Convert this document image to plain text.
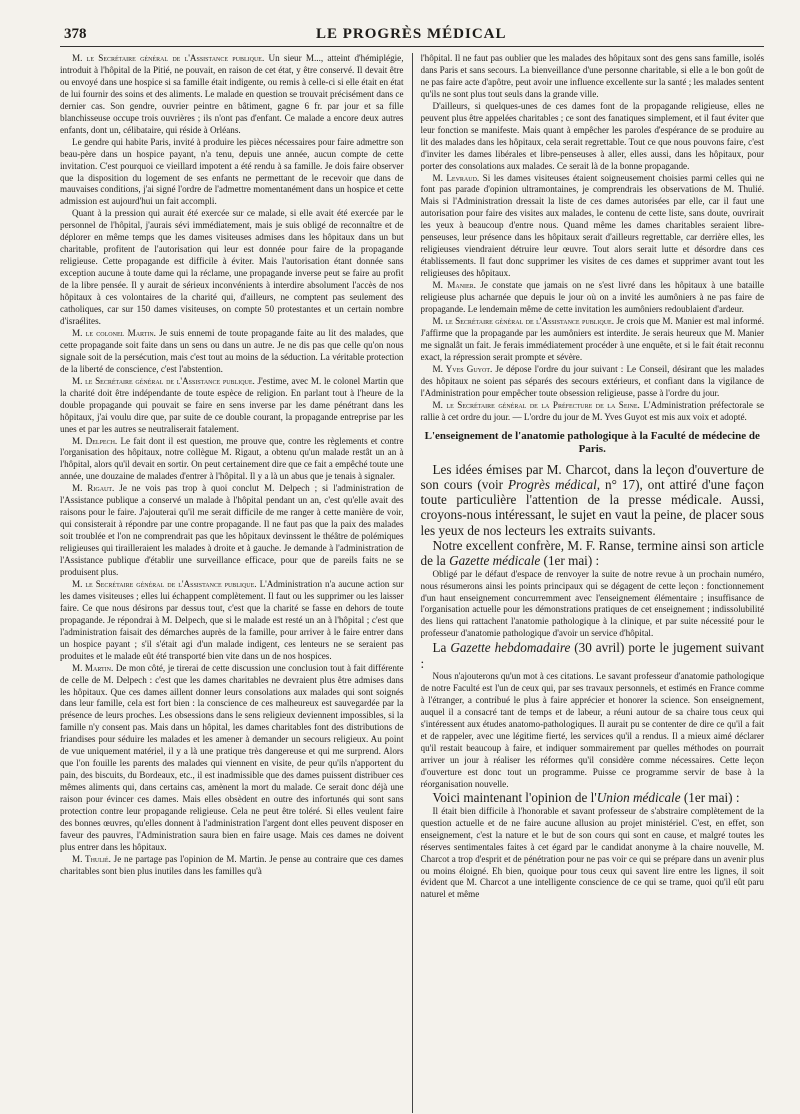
378	LE PROGRÈS MÉDICAL

M. le Secrétaire général de l'Assistance publique. Un sieur M..., atteint d'hémiplégie, introduit à l'hôpital de la Pitié, ne pouvait, en raison de cet état, y être conservé. Il devait être ou envoyé dans une hospice si sa famille était indigente, ou remis à celle-ci si elle était en état de lui fournir des soins et des aliments. Le malade en question se trouvait précisément dans ce dernier cas. Son gendre, ouvrier peintre en bâtiment, gagne 6 fr. par jour et sa fille blanchisseuse occupe trois ouvrières ; ils n'ont pas d'enfant. Ce malade a encore deux autres enfants, dont un, célibataire, qui réside à Orléans.

Le gendre qui habite Paris, invité à produire les pièces nécessaires pour faire admettre son beau-père dans un hospice payant, n'a tenu, depuis une année, aucun compte de cette invitation. C'est pourquoi ce vieillard impotent a été rendu à sa famille. Je dois faire observer que la disposition du logement de ses enfants ne permettant de le recevoir que dans de mauvaises conditions, j'ai signé l'ordre de l'admettre momentanément dans un hospice et cette admission est aujourd'hui un fait accompli.

Quant à la pression qui aurait été exercée sur ce malade, si elle avait été exercée par le personnel de l'hôpital, j'aurais sévi immédiatement, mais je suis obligé de reconnaître et de déplorer en même temps que les dames visiteuses admises dans les hôpitaux dans un but charitable, profitent de l'autorisation qui leur est donnée pour faire de la propagande religieuse. Cette propagande est difficile à éviter. Mais l'autorisation étant donnée sans exception aucune à toute dame qui la réclame, une propagande inverse peut se faire au profit de la libre pensée. Il y aurait de sérieux inconvénients à interdire absolument l'accès de nos hôpitaux à ces volontaires de la charité qui, d'ailleurs, ne comptent pas seulement des catholiques, car sur 150 dames visiteuses, on compte 50 protestantes et un certain nombre d'israélites.

M. le colonel Martin. Je suis ennemi de toute propagande faite au lit des malades, que cette propagande soit faite dans un sens ou dans un autre. Je ne dis pas que celle qu'on nous signale soit de la persécution, mais c'est tout au moins de la séduction. La véritable protection de la liberté de conscience, c'est l'abstention.

M. le Secrétaire général de l'Assistance publique. J'estime, avec M. le colonel Martin que la charité doit être indépendante de toute espèce de religion. En parlant tout à l'heure de la double propagande qui pouvait se faire en sens inverse par les dame pénétrant dans les hôpitaux, j'ai voulu dire que, par suite de ce double courant, la propagande entreprise par les unes et par les autres se neutraliserait fatalement.

M. Delpech. Le fait dont il est question, me prouve que, contre les règlements et contre l'organisation des hôpitaux, notre collègue M. Rigaut, a obtenu qu'un malade restât un an à l'hôpital, alors qu'il devait en sortir. On peut certainement dire que ce fait a empêché toute une année, une douzaine de malades d'entrer à l'hôpital. Il y a là un abus que je tenais à signaler.

M. Rigaut. Je ne vois pas trop à quoi conclut M. Delpech ; si l'administration de l'Assistance publique a conservé un malade à l'hôpital pendant un an, c'est qu'elle avait des raisons pour le faire. J'ajouterai qu'il me serait difficile de me ranger à cette manière de voir, qui consisterait à répondre par une contre propagande. Il ne faut pas que la paix des malades soit troublée et l'on ne comprendrait pas que les hôpitaux devinssent le théâtre de polémiques religieuses qui tirailleraient les malades à droite et à gauche. Je demande à l'administration de l'Assistance publique d'établir une surveillance efficace, pour que de pareils faits ne se produisent plus.

M. le Secrétaire général de l'Assistance publique. L'Administration n'a aucune action sur les dames visiteuses ; elles lui échappent complètement. Il faut ou les supprimer ou les laisser faire. Ce que nous désirons par dessus tout, c'est que la charité se fasse en dehors de toute propagande. Je répondrai à M. Delpech, que si le malade est resté un an à l'hôpital ; c'est que l'administration faisait des démarches auprès de la famille, pour arriver à le faire entrer dans un hospice payant ; s'il s'était agi d'un malade indigent, ces lenteurs ne se seraient pas produites et le malade eût été transporté bien vite dans un de nos hospices.

M. Martin. De mon côté, je tirerai de cette discussion une conclusion tout à fait différente de celle de M. Delpech : c'est que les dames charitables ne devraient plus être admises dans les hôpitaux. Que ces dames aillent donner leurs consolations aux malades qui sont soignés dans leur famille, cela est fort bien : la conscience de ces malheureux est sauvegardée par la présence de leurs proches. Les obsessions dans le sens religieux deviennent impossibles, si la famille n'y consent pas. Mais dans un hôpital, les dames charitables font des distributions de friandises pour séduire les malades et les amener à demander un secours religieux. Au point de vue uniquement matériel, il y a là une pratique très dangereuse et qui me surprend. Alors que l'on fouille les parents des malades qui viennent en visite, de peur qu'ils n'apportent du pain, des biscuits, du Bordeaux, etc., il est inadmissible que des dames puissent distribuer ces mêmes aliments qui, dans certains cas, amènent la mort du malade. Ce serait donc déjà une raison pour évincer ces dames. Mais elles obsèdent en outre des infortunés qui sont sans protection contre leur propagande religieuse. Cela ne peut être toléré. Si elles veulent faire des bonnes œuvres, qu'elles donnent à l'administration l'argent dont elles peuvent disposer en faveur des pauvres, l'Administration saura bien en faire usage. Mais ces dames ne doivent plus entrer dans les hôpitaux.

M. Thulié. Je ne partage pas l'opinion de M. Martin. Je pense au contraire que ces dames charitables sont bien plus inutiles dans les familles qu'à

l'hôpital. Il ne faut pas oublier que les malades des hôpitaux sont des gens sans famille, isolés dans Paris et sans secours. La bienveillance d'une personne charitable, si elle a le bon goût de ne pas faire acte d'apôtre, peut avoir une influence excellente sur la santé ; les malades sentent qu'ils ne sont plus tout seuls dans la grande ville.

D'ailleurs, si quelques-unes de ces dames font de la propagande religieuse, elles ne peuvent plus être appelées charitables ; ce sont des fanatiques simplement, et il faut éviter que leur fonction se manifeste. Mais quant à empêcher les paroles d'espérance de se produire au lit des malades dans les hôpitaux, cela serait regrettable. Tout ce que nous pouvons faire, c'est d'inviter les dames libérales et libre-penseuses à aller, elles aussi, dans les hôpitaux, pour porter des consolations aux malades. Ce serait là de la bonne propagande.

M. Levraud. Si les dames visiteuses étaient soigneusement choisies parmi celles qui ne font pas parade d'opinion ultramontaines, je comprendrais les observations de M. Thulié. Mais si l'Administration dressait la liste de ces dames autorisées par elle, car il faut une autorisation pour faire des visites aux malades, le contenu de cette liste, sans doute, ouvrirait les yeux à beaucoup d'entre nous. Quand même les dames charitables seraient libre-penseuses, leur présence dans les hôpitaux serait d'ailleurs regrettable, car derrière elles, les religieuses viendraient détruire leur œuvre. Tout alors serait lutte et désordre dans ces établissements. Il faut donc supprimer les visites de ces dames et supprimer avant tout les religieuses des hôpitaux.

M. Manier. Je constate que jamais on ne s'est livré dans les hôpitaux à une bataille religieuse plus acharnée que depuis le jour où on a invité les aumôniers à ne pas faire de propagande. Le lendemain même de cette invitation les aumôniers redoublaient d'ardeur.

M. le Secrétaire général de l'Assistance publique. Je crois que M. Manier est mal informé. J'affirme que la propagande par les aumôniers est interdite. Je serais heureux que M. Manier me signalât un fait. Je ferais immédiatement procéder à une enquête, et si le fait était reconnu exact, la répression serait prompte et sévère.

M. Yves Guyot. Je dépose l'ordre du jour suivant : Le Conseil, désirant que les malades des hôpitaux ne soient pas séparés des secours extérieurs, et confiant dans la vigilance de l'Administration pour empêcher toute obsession religieuse, passe à l'ordre du jour.

M. le Secrétaire général de la Préfecture de la Seine. L'Administration préfectorale se rallie à cet ordre du jour. — L'ordre du jour de M. Yves Guyot est mis aux voix et adopté.

L'enseignement de l'anatomie pathologique à la Faculté de médecine de Paris.

Les idées émises par M. Charcot, dans la leçon d'ouverture de son cours (voir Progrès médical, n° 17), ont attiré d'une façon toute particulière l'attention de la presse médicale. Aussi, croyons-nous intéressant, le sujet en vaut la peine, de placer sous les yeux de nos lecteurs les extraits suivants.

Notre excellent confrère, M. F. Ranse, termine ainsi son article de la Gazette médicale (1er mai) :

Obligé par le défaut d'espace de renvoyer la suite de notre revue à un prochain numéro, nous résumerons ainsi les points principaux qui se dégagent de cette leçon : fonctionnement d'un haut enseignement concurremment avec l'enseignement élémentaire ; insuffisance de l'organisation actuelle pour les démonstrations pratiques de cet enseignement ; indissolubilité des liens qui rattachent l'anatomie pathologique à la clinique, et par suite nécessité pour le professeur d'anatomie pathologique d'avoir un service d'hôpital.

La Gazette hebdomadaire (30 avril) porte le jugement suivant :

Nous n'ajouterons qu'un mot à ces citations. Le savant professeur d'anatomie pathologique de notre Faculté est l'un de ceux qui, par ses travaux personnels, et estimés en France comme à l'étranger, a contribué le plus à faire apprécier et honorer la science. Son enseignement, auquel il a consacré tant de temps et de labeur, a réuni autour de sa chaire tous ceux qui s'intéressent aux études anatomo-pathologiques. Il aurait pu se contenter de dire ce qu'il a fait et de rappeler, avec une légitime fierté, les services qu'il a rendus. Il a mieux aimé déclarer qu'il restait beaucoup à faire, et indiquer sommairement par quelles méthodes on pourrait arriver un jour à réaliser les réformes qu'il considère comme nécessaires. Cette leçon d'ouverture est donc tout un programme. Puisse ce programme servir de base à la réorganisation nouvelle.

Voici maintenant l'opinion de l'Union médicale (1er mai) :

Il était bien difficile à l'honorable et savant professeur de s'abstraire complètement de la question actuelle et de ne faire aucune allusion au projet ministériel. C'est, en effet, son enseignement, c'est la nature et le but de son cours qui sont en cause, et malgré toutes les réserves sentimentales faites à cet égard par le candidat anonyme à la chaire nouvelle, M. Charcot a trop d'esprit et de pénétration pour ne pas voir ce qui se prépare dans un avenir plus ou moins éloigné. Eh bien, quoique pour tous ceux qui savent lire entre les lignes, il soit évident que M. Charcot a une intelligente conscience de ce qui se trame, quoi qu'il eût paru naturel et même
